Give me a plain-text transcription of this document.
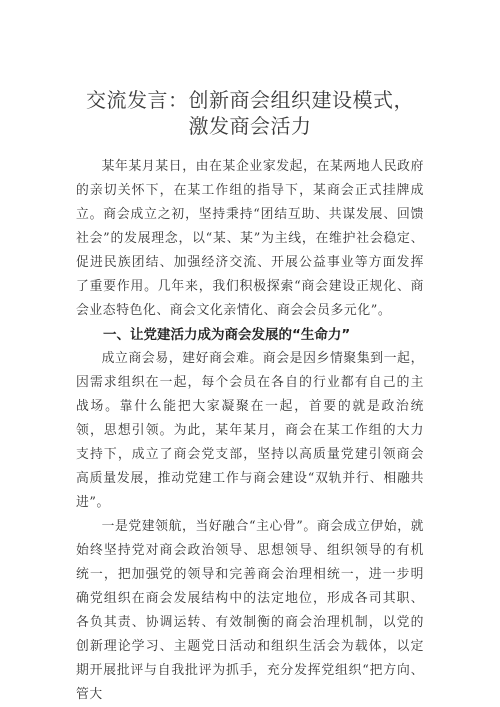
交流发言：创新商会组织建设模式，
激发商会活力

某年某月某日，由在某企业家发起，在某两地人民政府的亲切关怀下，在某工作组的指导下，某商会正式挂牌成立。商会成立之初，坚持秉持“团结互助、共谋发展、回馈社会”的发展理念，以“某、某”为主线，在维护社会稳定、促进民族团结、加强经济交流、开展公益事业等方面发挥了重要作用。几年来，我们积极探索“商会建设正规化、商会业态特色化、商会文化亲情化、商会会员多元化”。

一、让党建活力成为商会发展的“生命力”

成立商会易，建好商会难。商会是因乡情聚集到一起，因需求组织在一起，每个会员在各自的行业都有自己的主战场。靠什么能把大家凝聚在一起，首要的就是政治统领，思想引领。为此，某年某月，商会在某工作组的大力支持下，成立了商会党支部，坚持以高质量党建引领商会高质量发展，推动党建工作与商会建设“双轨并行、相融共进”。

一是党建领航，当好融合“主心骨”。商会成立伊始，就始终坚持党对商会政治领导、思想领导、组织领导的有机统一，把加强党的领导和完善商会治理相统一，进一步明确党组织在商会发展结构中的法定地位，形成各司其职、各负其责、协调运转、有效制衡的商会治理机制，以党的创新理论学习、主题党日活动和组织生活会为载体，以定期开展批评与自我批评为抓手，充分发挥党组织“把方向、管大
